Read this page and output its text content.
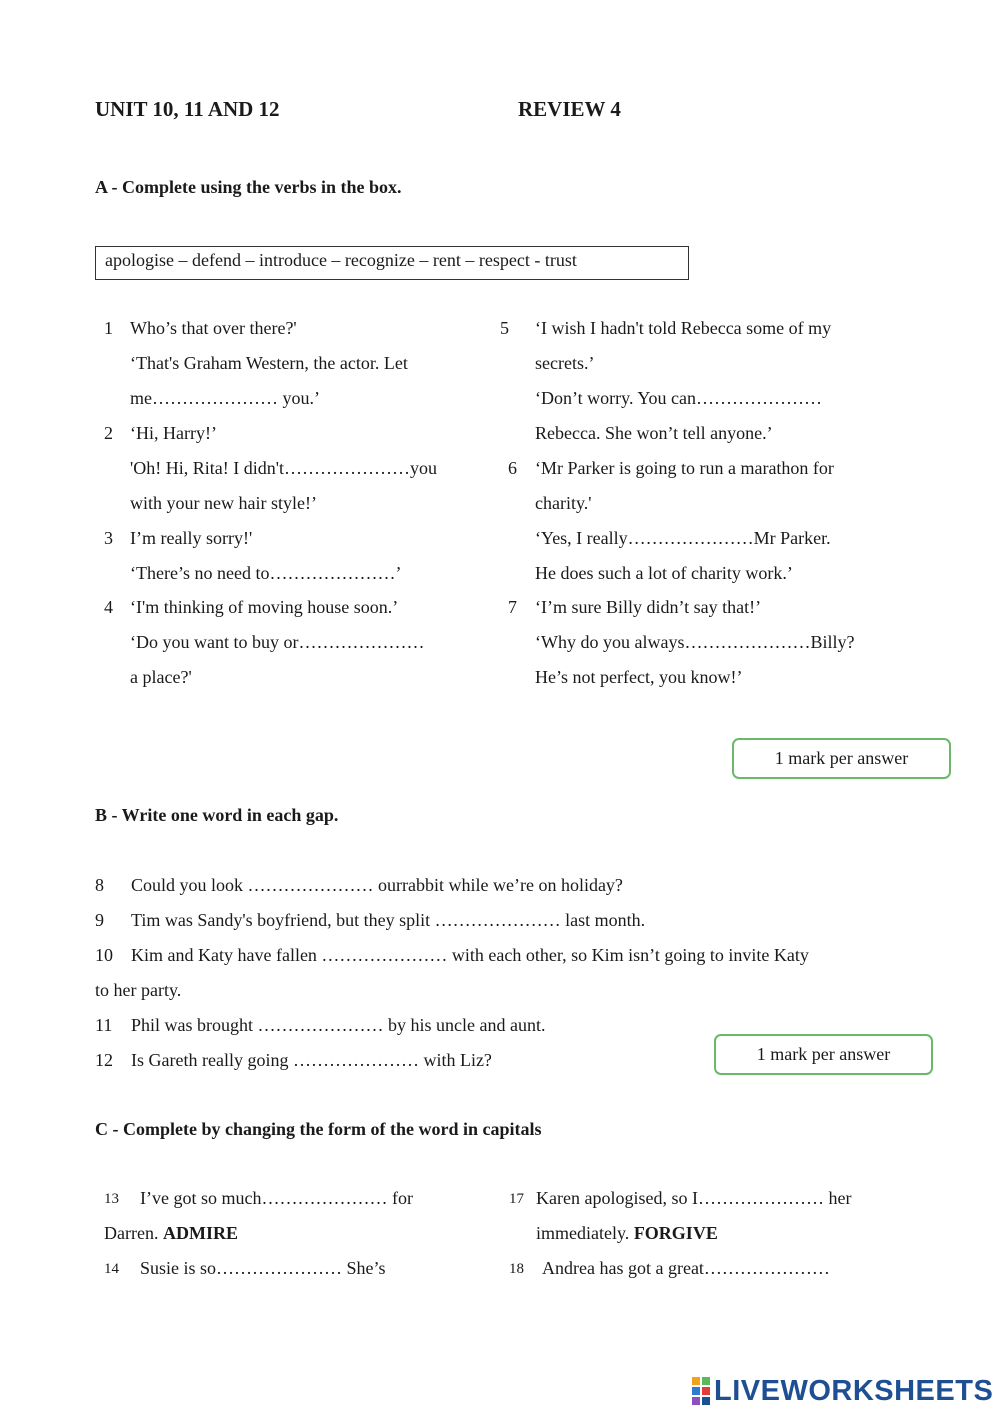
UNIT 10, 11 AND 12	REVIEW 4
A - Complete using the verbs in the box.
apologise – defend – introduce – recognize – rent – respect - trust
1 Who’s that over there?'
‘That's Graham Western, the actor. Let
me………………… you.’
2 ‘Hi, Harry!’
'Oh! Hi, Rita! I didn't…………………you
with your new hair style!’
3 I’m really sorry!'
‘There’s no need to…………………’
4 ‘I'm thinking of moving house soon.’
‘Do you want to buy or…………………
a place?'
5 ‘I wish I hadn't told Rebecca some of my
secrets.’
‘Don’t worry. You can…………………
Rebecca. She won’t tell anyone.’
6 ‘Mr Parker is going to run a marathon for
charity.'
‘Yes, I really…………………Mr Parker.
He does such a lot of charity work.’
7 ‘I’m sure Billy didn’t say that!’
‘Why do you always…………………Billy?
He’s not perfect, you know!’
1 mark per answer
B - Write one word in each gap.
8 Could you look ………………… ourrabbit while we’re on holiday?
9 Tim was Sandy's boyfriend, but they split ………………… last month.
10 Kim and Katy have fallen ………………… with each other, so Kim isn’t going to invite Katy
to her party.
11 Phil was brought ………………… by his uncle and aunt.
12 Is Gareth really going ………………… with Liz?	1 mark per answer
C - Complete by changing the form of the word in capitals
13 I’ve got so much………………… for
Darren. ADMIRE
14 Susie is so………………… She’s
17 Karen apologised, so I………………… her
immediately. FORGIVE
18 Andrea has got a great…………………
LIVEWORKSHEETS
